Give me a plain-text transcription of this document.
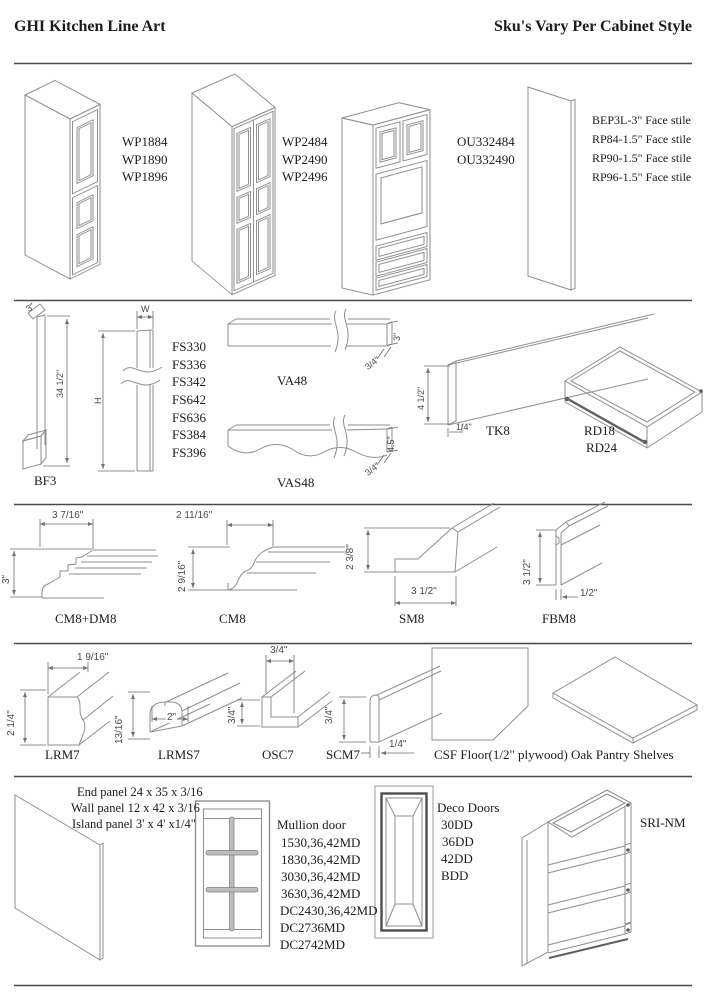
GHI Kitchen Line Art	Sku's Vary Per Cabinet Style
WP1884
WP1890
WP1896
WP2484
WP2490
WP2496
OU332484
OU332490
BEP3L-3" Face stile
RP84-1.5" Face stile
RP90-1.5" Face stile
RP96-1.5" Face stile
BF3
34 1/2"
3"	W
H
FS330
FS336
FS342
FS642
FS636
FS384
FS396
VA48
3"
3/4"
VAS48
4.5"
3/4"
4 1/2"
1/4" TK8	RD18
RD24
3 7/16"
3"
CM8+DM8
2 11/16"
2 9/16"
CM8
2 3/8"
3 1/2"
SM8
3 1/2"
1/2"
FBM8
1 9/16"
2 1/4"
LRM7
13/16"	2"
LRMS7
3/4"
3/4"
OSC7
3/4"
1/4"
SCM7	CSF Floor(1/2" plywood) Oak Pantry Shelves
End panel 24 x 35 x 3/16
Wall panel 12 x 42 x 3/16
Island panel 3' x 4' x1/4"	Mullion door
1530,36,42MD
1830,36,42MD
3030,36,42MD
3630,36,42MD
DC2430,36,42MD
DC2736MD
DC2742MD
Deco Doors
30DD
36DD
42DD
BDD
SRI-NM
